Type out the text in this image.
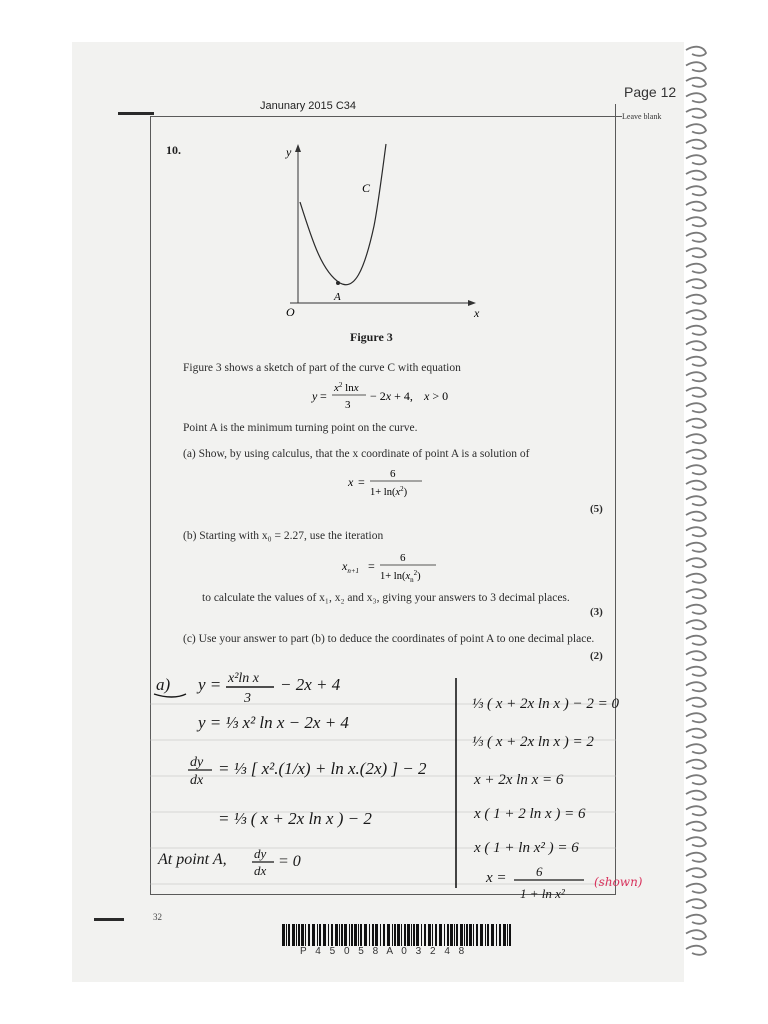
Page 12
Janunary 2015 C34
Leave blank
10.	y
x
O
C
A
Figure 3
Figure 3 shows a sketch of part of the curve C with equation
y =
$x^2$ lnx
3
− 2x + 4, x > 0
Point A is the minimum turning point on the curve.
(a) Show, by using calculus, that the x coordinate of point A is a solution of
x =
6
$1+ \ln(x^2)$
(5)
(b) Starting with x₀ = 2.27, use the iteration
$x_{n+1}$ =
6
$1+ \ln(x_n^2)$
to calculate the values of x₁, x₂ and x₃, giving your answers to 3 decimal places.
(3)
(c) Use your answer to part (b) to deduce the coordinates of point A to one decimal place.
(2)
a) y = x²ln x
3
− 2x + 4
y = ⅓ x² ln x − 2x + 4
dy
dx
= ⅓ [ x².(1/x) + ln x.(2x) ] − 2
= ⅓ ( x + 2x ln x ) − 2
At point A, dy
dx
= 0
⅓ ( x + 2x ln x ) − 2 = 0
⅓ ( x + 2x ln x ) = 2
x + 2x ln x = 6
x ( 1 + 2 ln x ) = 6
x ( 1 + ln x² ) = 6
x = 6
1 + ln x²
(shown)
32
P 4 5 0 5 8 A 0 3 2 4 8
